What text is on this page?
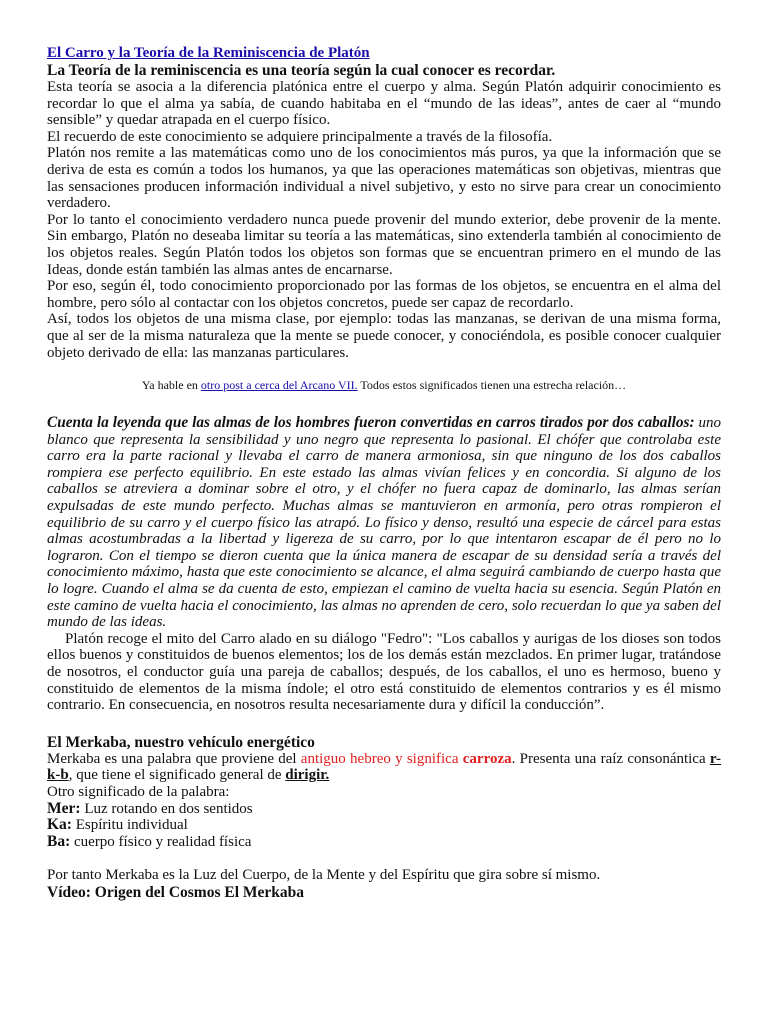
El Carro y la Teoría de la Reminiscencia de Platón

La Teoría de la reminiscencia es una teoría según la cual conocer es recordar.

Esta teoría se asocia a la diferencia platónica entre el cuerpo y alma. Según Platón adquirir conocimiento es recordar lo que el alma ya sabía, de cuando habitaba en el “mundo de las ideas”, antes de caer al “mundo sensible” y quedar atrapada en el cuerpo físico.

El recuerdo de este conocimiento se adquiere principalmente a través de la filosofía.

Platón nos remite a las matemáticas como uno de los conocimientos más puros, ya que la información que se deriva de esta es común a todos los humanos, ya que las operaciones matemáticas son objetivas, mientras que las sensaciones producen información individual a nivel subjetivo, y esto no sirve para crear un conocimiento verdadero.

Por lo tanto el conocimiento verdadero nunca puede provenir del mundo exterior, debe provenir de la mente. Sin embargo, Platón no deseaba limitar su teoría a las matemáticas, sino extenderla también al conocimiento de los objetos reales. Según Platón todos los objetos son formas que se encuentran primero en el mundo de las Ideas, donde están también las almas antes de encarnarse.

Por eso, según él, todo conocimiento proporcionado por las formas de los objetos, se encuentra en el alma del hombre, pero sólo al contactar con los objetos concretos, puede ser capaz de recordarlo.

Así, todos los objetos de una misma clase, por ejemplo: todas las manzanas, se derivan de una misma forma, que al ser de la misma naturaleza que la mente se puede conocer, y conociéndola, es posible conocer cualquier objeto derivado de ella: las manzanas particulares.

Ya hable en otro post a cerca del Arcano VII. Todos estos significados tienen una estrecha relación…

Cuenta la leyenda que las almas de los hombres fueron convertidas en carros tirados por dos caballos: uno blanco que representa la sensibilidad y uno negro que representa lo pasional. El chófer que controlaba este carro era la parte racional y llevaba el carro de manera armoniosa, sin que ninguno de los dos caballos rompiera ese perfecto equilibrio. En este estado las almas vivían felices y en concordia. Si alguno de los caballos se atreviera a dominar sobre el otro, y el chófer no fuera capaz de dominarlo, las almas serían expulsadas de este mundo perfecto. Muchas almas se mantuvieron en armonía, pero otras rompieron el equilibrio de su carro y el cuerpo físico las atrapó. Lo físico y denso, resultó una especie de cárcel para estas almas acostumbradas a la libertad y ligereza de su carro, por lo que intentaron escapar de él pero no lo lograron. Con el tiempo se dieron cuenta que la única manera de escapar de su densidad sería a través del conocimiento máximo, hasta que este conocimiento se alcance, el alma seguirá cambiando de cuerpo hasta que lo logre. Cuando el alma se da cuenta de esto, empiezan el camino de vuelta hacia su esencia. Según Platón en este camino de vuelta hacia el conocimiento, las almas no aprenden de cero, solo recuerdan lo que ya saben del mundo de las ideas.

Platón recoge el mito del Carro alado en su diálogo "Fedro": "Los caballos y aurigas de los dioses son todos ellos buenos y constituidos de buenos elementos; los de los demás están mezclados. En primer lugar, tratándose de nosotros, el conductor guía una pareja de caballos; después, de los caballos, el uno es hermoso, bueno y constituido de elementos de la misma índole; el otro está constituido de elementos contrarios y es él mismo contrario. En consecuencia, en nosotros resulta necesariamente dura y difícil la conducción”.

El Merkaba, nuestro vehículo energético

Merkaba es una palabra que proviene del antiguo hebreo y significa carroza. Presenta una raíz consonántica r-k-b, que tiene el significado general de dirigir.

Otro significado de la palabra:
Mer: Luz rotando en dos sentidos
Ka: Espíritu individual
Ba: cuerpo físico y realidad física
Por tanto Merkaba es la Luz del Cuerpo, de la Mente y del Espíritu que gira sobre sí mismo.
Vídeo: Origen del Cosmos El Merkaba
